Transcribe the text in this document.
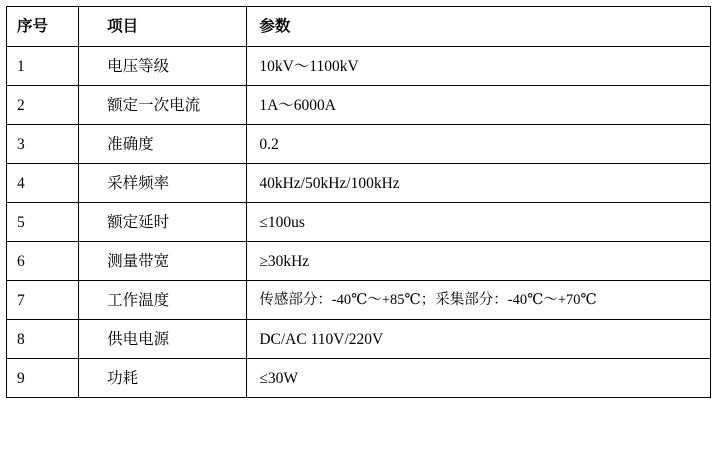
序号	项目	参数

1	电压等级	10kV～1100kV

2	额定一次电流	1A～6000A

3	准确度	0.2

4	采样频率	40kHz/50kHz/100kHz

5	额定延时	≤100us

6	测量带宽	≥30kHz

7	工作温度	传感部分：-40℃～+85℃；采集部分：-40℃～+70℃

8	供电电源	DC/AC 110V/220V

9	功耗	≤30W
